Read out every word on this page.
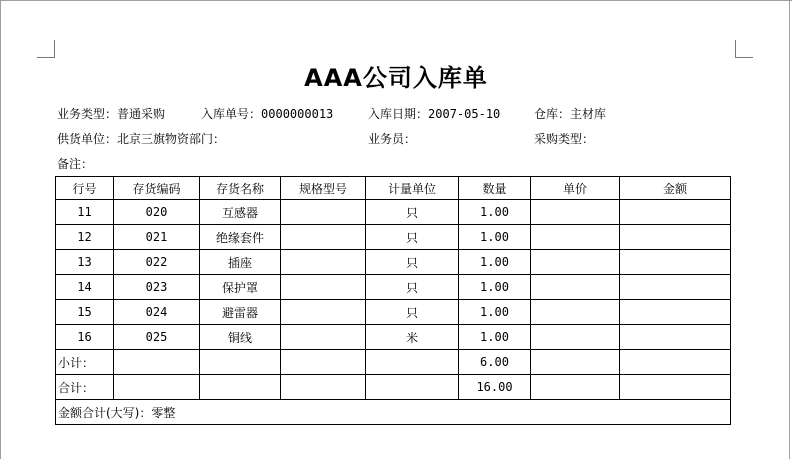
AAA公司入库单
业务类型：普通采购	入库单号：0000000013	入库日期：2007-05-10	仓库：主材库
供货单位：北京三旗物资部门：	业务员：	采购类型：
备注：
行号	存货编码	存货名称	规格型号	计量单位	数量	单价	金额
11	020	互感器		只	1.00		
12	021	绝缘套件		只	1.00		
13	022	插座		只	1.00		
14	023	保护罩		只	1.00		
15	024	避雷器		只	1.00		
16	025	铜线		米	1.00		
小计：					6.00		
合计：					16.00		
金额合计(大写)：零整							
